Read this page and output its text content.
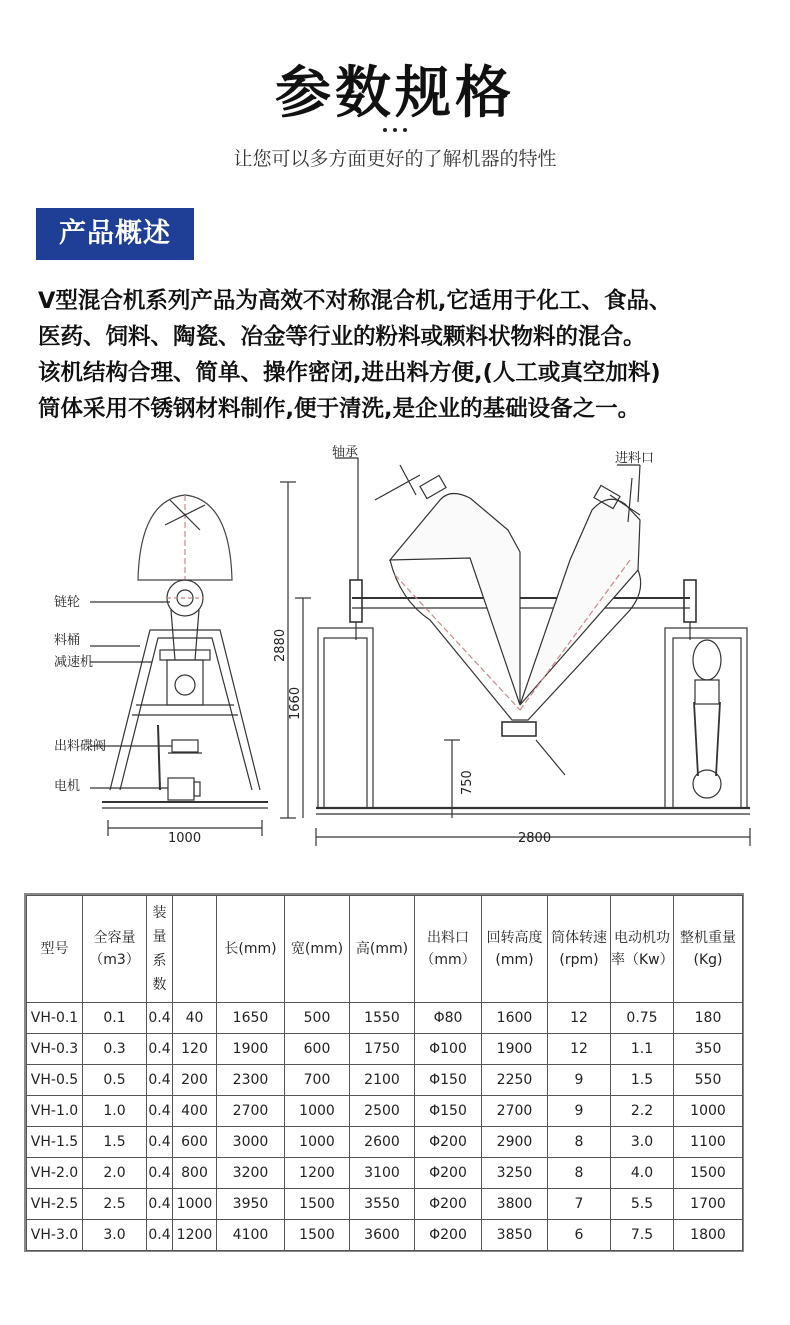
参数规格
让您可以多方面更好的了解机器的特性
产品概述
V型混合机系列产品为高效不对称混合机,它适用于化工、食品、
医药、饲料、陶瓷、冶金等行业的粉料或颗料状物料的混合。
该机结构合理、简单、操作密闭,进出料方便,(人工或真空加料)
筒体采用不锈钢材料制作,便于清洗,是企业的基础设备之一。
链轮
料桶
减速机
出料碟阀
电机
轴承	进料口
1000	2800
2880
1660
750
型号	全容量（m3）	装量系数		长(mm)	宽(mm)	高(mm)	出料口（mm）	回转高度(mm)	筒体转速(rpm)	电动机功率（Kw）	整机重量(Kg)
VH-0.1	0.1	0.4	40	1650	500	1550	Φ80	1600	12	0.75	180
VH-0.3	0.3	0.4	120	1900	600	1750	Φ100	1900	12	1.1	350
VH-0.5	0.5	0.4	200	2300	700	2100	Φ150	2250	9	1.5	550
VH-1.0	1.0	0.4	400	2700	1000	2500	Φ150	2700	9	2.2	1000
VH-1.5	1.5	0.4	600	3000	1000	2600	Φ200	2900	8	3.0	1100
VH-2.0	2.0	0.4	800	3200	1200	3100	Φ200	3250	8	4.0	1500
VH-2.5	2.5	0.4	1000	3950	1500	3550	Φ200	3800	7	5.5	1700
VH-3.0	3.0	0.4	1200	4100	1500	3600	Φ200	3850	6	7.5	1800
